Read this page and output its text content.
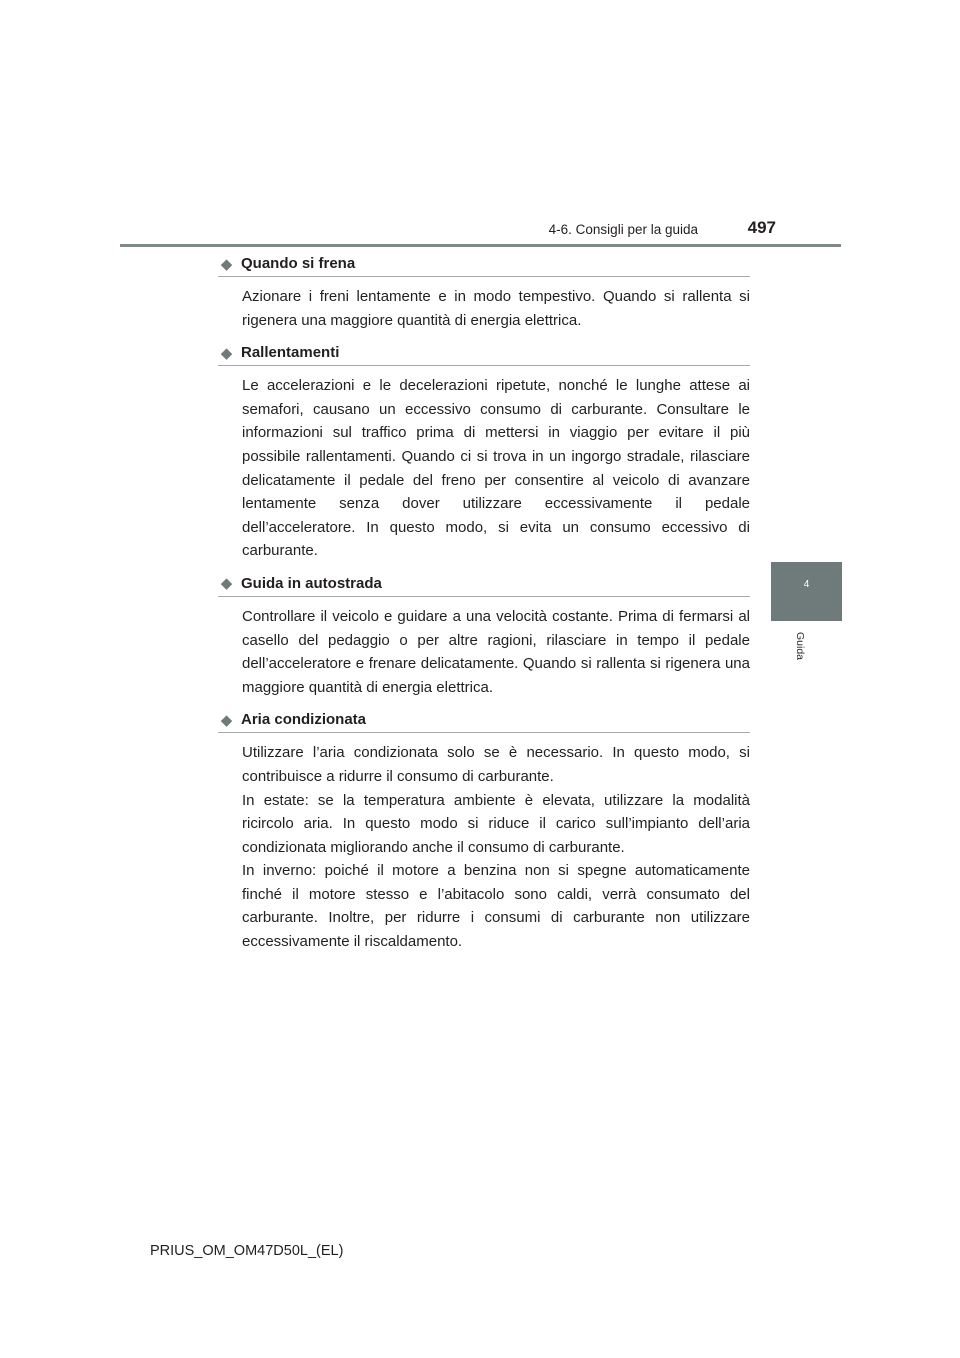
4-6. Consigli per la guida	497
4
Guida
◆ Quando si frena

Azionare i freni lentamente e in modo tempestivo. Quando si rallenta si rigenera una maggiore quantità di energia elettrica.

◆ Rallentamenti

Le accelerazioni e le decelerazioni ripetute, nonché le lunghe attese ai semafori, causano un eccessivo consumo di carburante. Consultare le informazioni sul traffico prima di mettersi in viaggio per evitare il più possibile rallentamenti. Quando ci si trova in un ingorgo stradale, rilasciare delicatamente il pedale del freno per consentire al veicolo di avanzare lentamente senza dover utilizzare eccessivamente il pedale dell’acceleratore. In questo modo, si evita un consumo eccessivo di carburante.

◆ Guida in autostrada

Controllare il veicolo e guidare a una velocità costante. Prima di fermarsi al casello del pedaggio o per altre ragioni, rilasciare in tempo il pedale dell’acceleratore e frenare delicatamente. Quando si rallenta si rigenera una maggiore quantità di energia elettrica.

◆ Aria condizionata

Utilizzare l’aria condizionata solo se è necessario. In questo modo, si contribuisce a ridurre il consumo di carburante.
In estate: se la temperatura ambiente è elevata, utilizzare la modalità ricircolo aria. In questo modo si riduce il carico sull’impianto dell’aria condizionata migliorando anche il consumo di carburante.
In inverno: poiché il motore a benzina non si spegne automaticamente finché il motore stesso e l’abitacolo sono caldi, verrà consumato del carburante. Inoltre, per ridurre i consumi di carburante non utilizzare eccessivamente il riscaldamento.

PRIUS_OM_OM47D50L_(EL)
